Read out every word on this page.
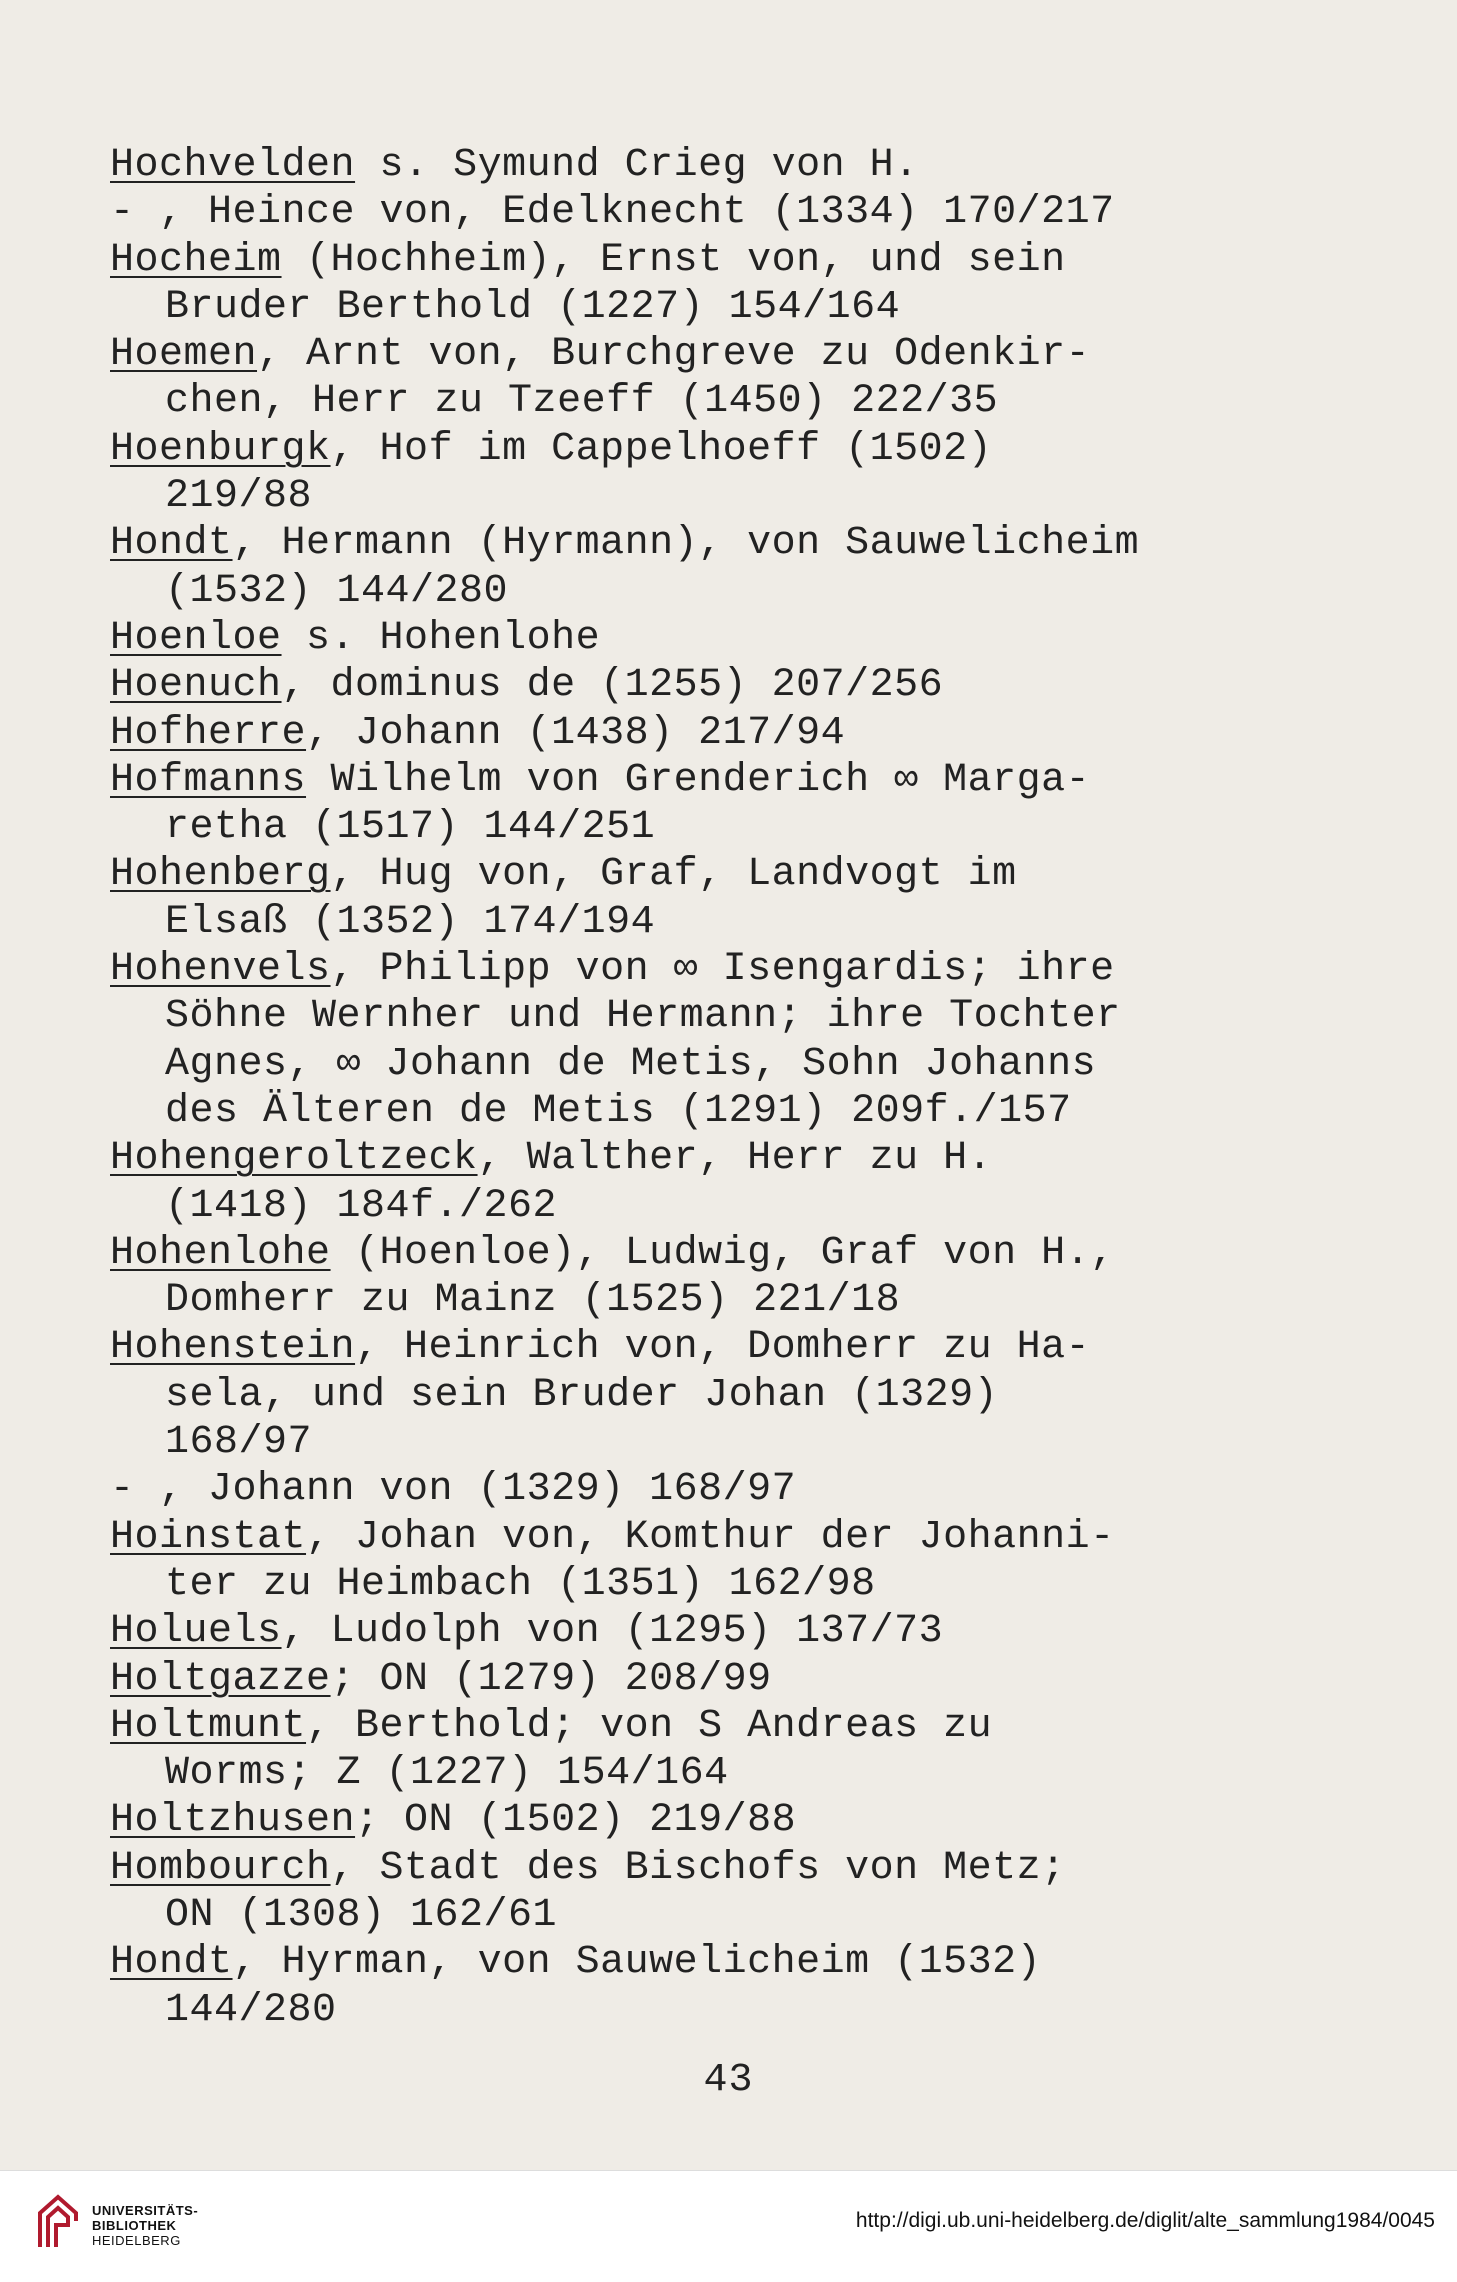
Hochvelden s. Symund Crieg von H.
- , Heince von, Edelknecht (1334) 170/217
Hocheim (Hochheim), Ernst von, und sein
Bruder Berthold (1227) 154/164
Hoemen, Arnt von, Burchgreve zu Odenkir-
chen, Herr zu Tzeeff (1450) 222/35
Hoenburgk, Hof im Cappelhoeff (1502)
219/88
Hondt, Hermann (Hyrmann), von Sauwelicheim
(1532) 144/280
Hoenloe s. Hohenlohe
Hoenuch, dominus de (1255) 207/256
Hofherre, Johann (1438) 217/94
Hofmanns Wilhelm von Grenderich ∞ Marga-
retha (1517) 144/251
Hohenberg, Hug von, Graf, Landvogt im
Elsaß (1352) 174/194
Hohenvels, Philipp von ∞ Isengardis; ihre
Söhne Wernher und Hermann; ihre Tochter
Agnes, ∞ Johann de Metis, Sohn Johanns
des Älteren de Metis (1291) 209f./157
Hohengeroltzeck, Walther, Herr zu H.
(1418) 184f./262
Hohenlohe (Hoenloe), Ludwig, Graf von H.,
Domherr zu Mainz (1525) 221/18
Hohenstein, Heinrich von, Domherr zu Ha-
sela, und sein Bruder Johan (1329)
168/97
- , Johann von (1329) 168/97
Hoinstat, Johan von, Komthur der Johanni-
ter zu Heimbach (1351) 162/98
Holuels, Ludolph von (1295) 137/73
Holtgazze; ON (1279) 208/99
Holtmunt, Berthold; von S Andreas zu
Worms; Z (1227) 154/164
Holtzhusen; ON (1502) 219/88
Hombourch, Stadt des Bischofs von Metz;
ON (1308) 162/61
Hondt, Hyrman, von Sauwelicheim (1532)
144/280
43
UNIVERSITÄTS-
BIBLIOTHEK
HEIDELBERG
http://digi.ub.uni-heidelberg.de/diglit/alte_sammlung1984/0045
